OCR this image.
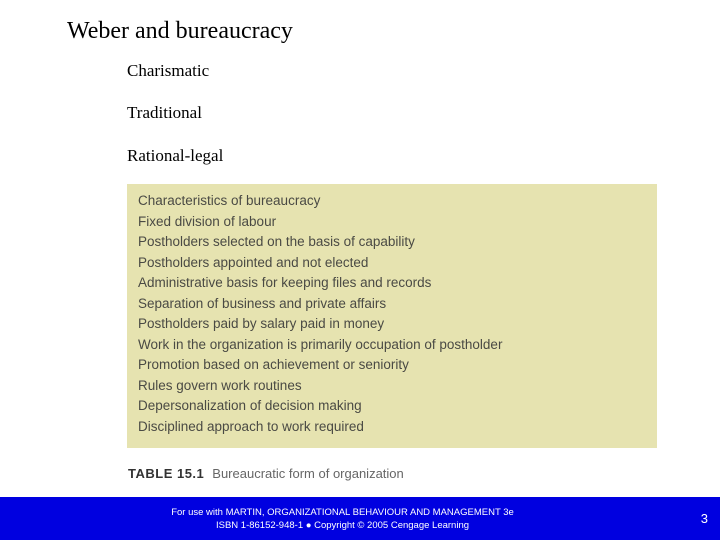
Weber and bureaucracy
Charismatic
Traditional
Rational-legal
Characteristics of bureaucracy
Fixed division of labour
Postholders selected on the basis of capability
Postholders appointed and not elected
Administrative basis for keeping files and records
Separation of business and private affairs
Postholders paid by salary paid in money
Work in the organization is primarily occupation of postholder
Promotion based on achievement or seniority
Rules govern work routines
Depersonalization of decision making
Disciplined approach to work required
TABLE 15.1 Bureaucratic form of organization
For use with MARTIN, ORGANIZATIONAL BEHAVIOUR AND MANAGEMENT 3e
ISBN 1-86152-948-1 ● Copyright © 2005 Cengage Learning	3
